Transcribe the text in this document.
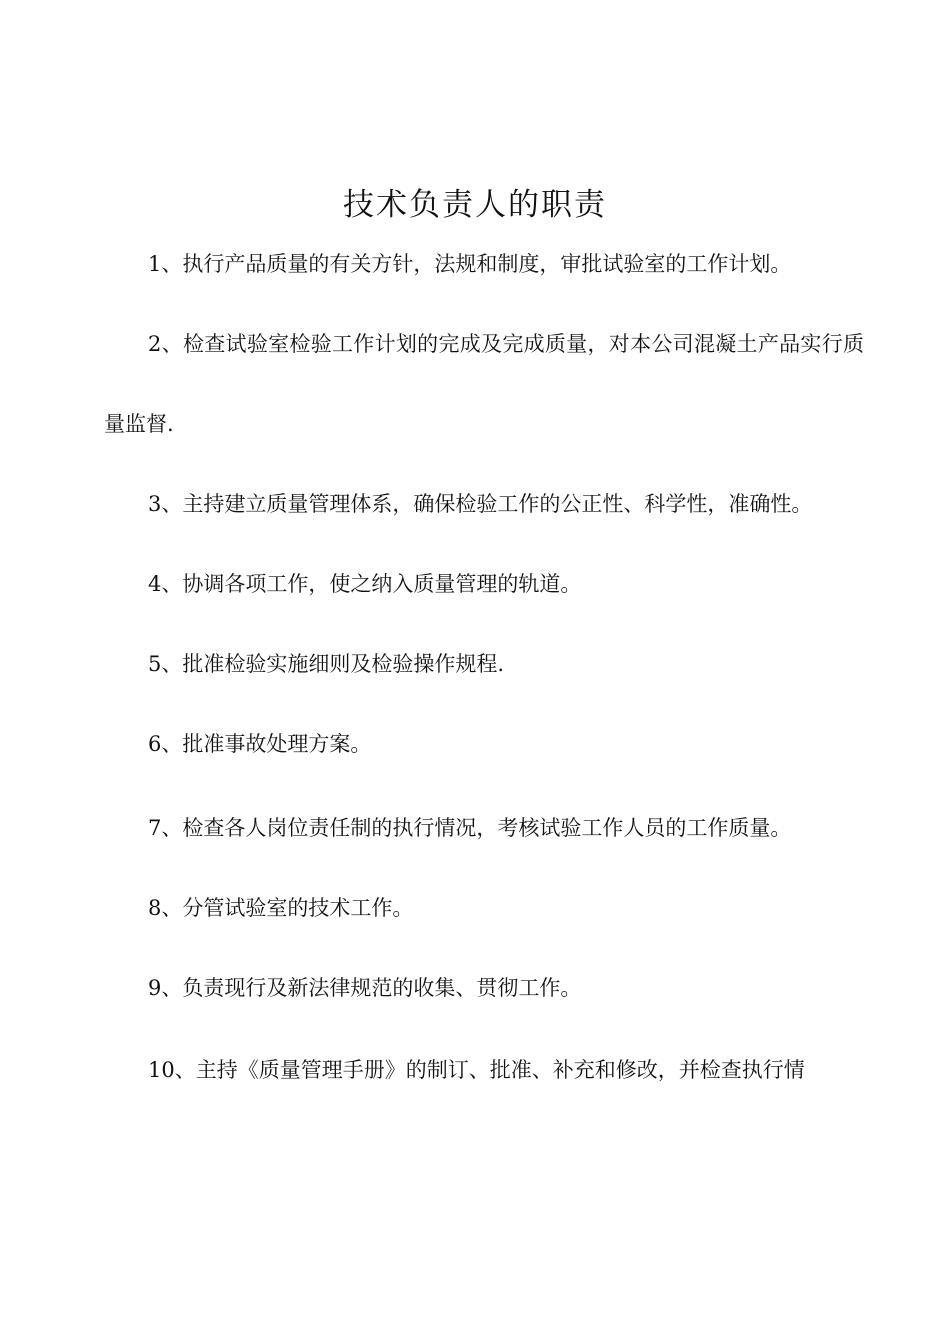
技术负责人的职责

1、执行产品质量的有关方针，法规和制度，审批试验室的工作计划。

2、检查试验室检验工作计划的完成及完成质量，对本公司混凝土产品实行质量监督.

3、主持建立质量管理体系，确保检验工作的公正性、科学性，准确性。

4、协调各项工作，使之纳入质量管理的轨道。

5、批准检验实施细则及检验操作规程.

6、批准事故处理方案。

7、检查各人岗位责任制的执行情况，考核试验工作人员的工作质量。

8、分管试验室的技术工作。

9、负责现行及新法律规范的收集、贯彻工作。

10、主持《质量管理手册》的制订、批准、补充和修改，并检查执行情
